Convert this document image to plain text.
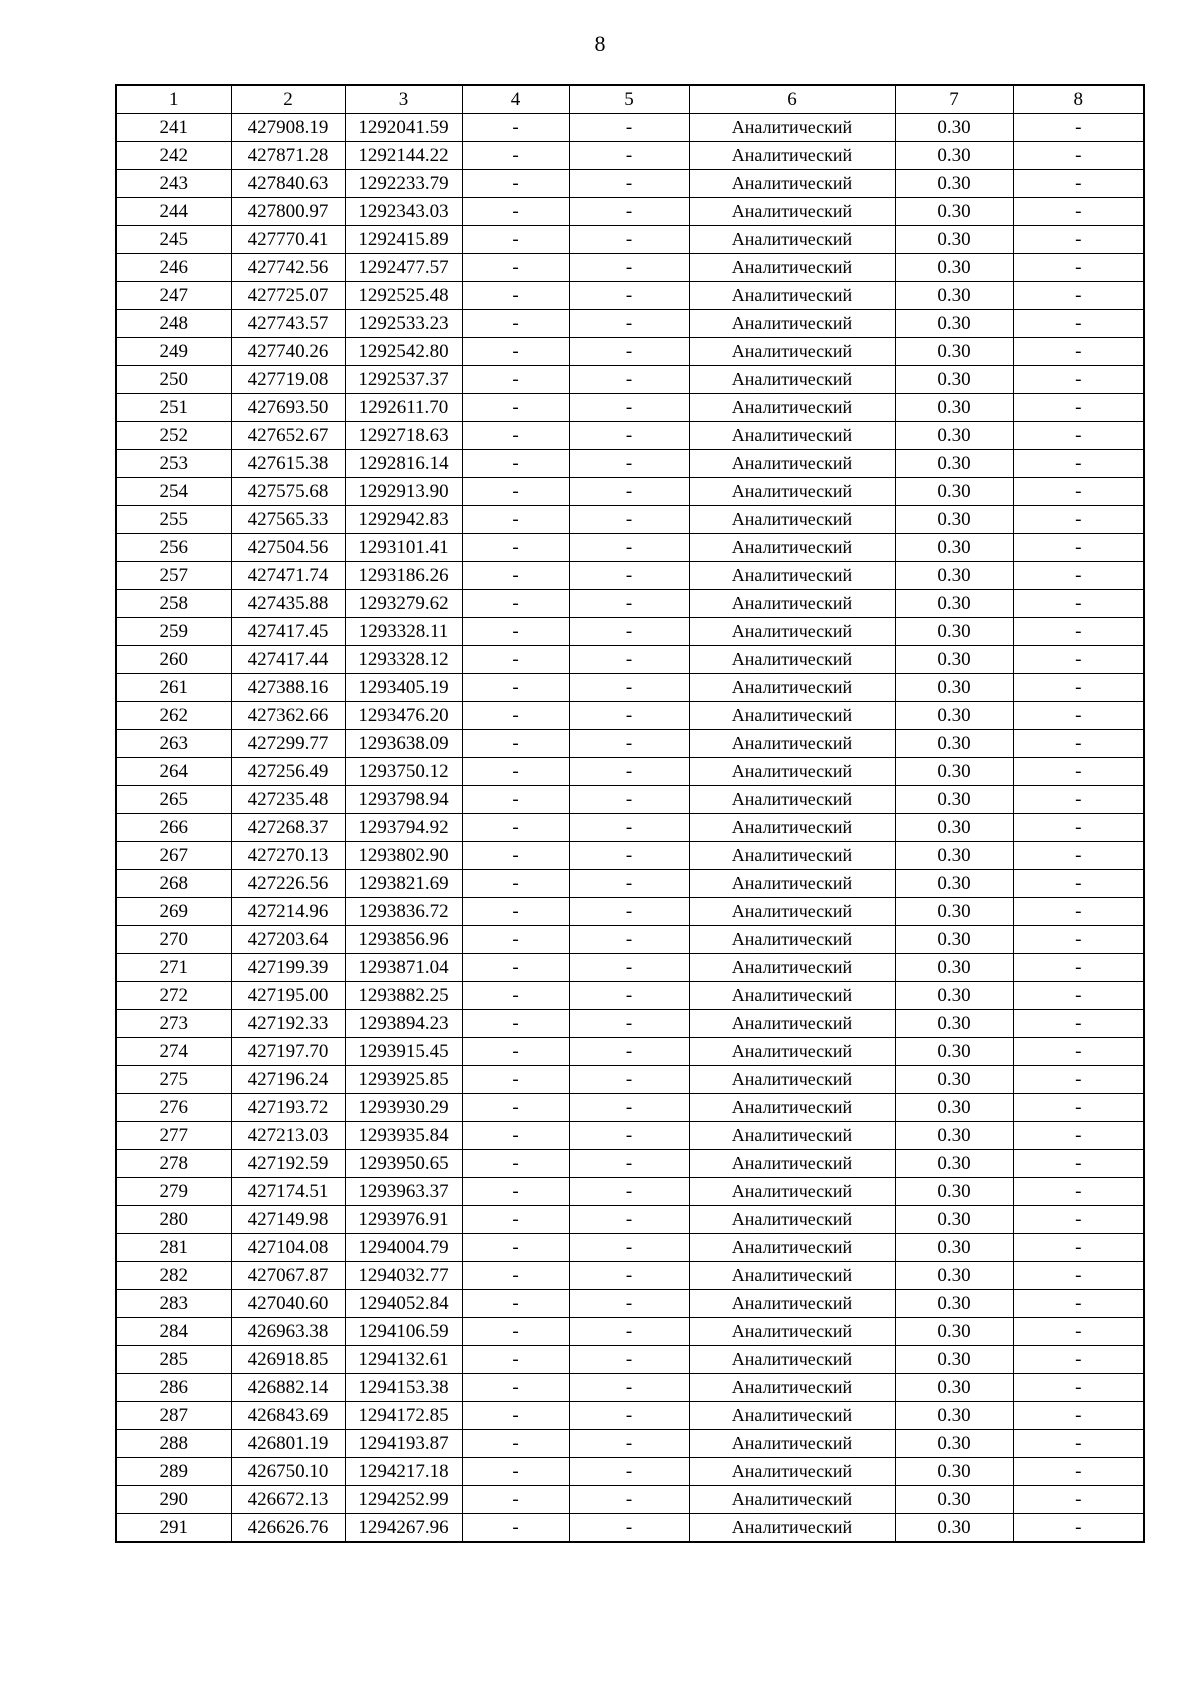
8
1	2	3	4	5	6	7	8
241	427908.19	1292041.59	-	-	Аналитический	0.30	-
242	427871.28	1292144.22	-	-	Аналитический	0.30	-
243	427840.63	1292233.79	-	-	Аналитический	0.30	-
244	427800.97	1292343.03	-	-	Аналитический	0.30	-
245	427770.41	1292415.89	-	-	Аналитический	0.30	-
246	427742.56	1292477.57	-	-	Аналитический	0.30	-
247	427725.07	1292525.48	-	-	Аналитический	0.30	-
248	427743.57	1292533.23	-	-	Аналитический	0.30	-
249	427740.26	1292542.80	-	-	Аналитический	0.30	-
250	427719.08	1292537.37	-	-	Аналитический	0.30	-
251	427693.50	1292611.70	-	-	Аналитический	0.30	-
252	427652.67	1292718.63	-	-	Аналитический	0.30	-
253	427615.38	1292816.14	-	-	Аналитический	0.30	-
254	427575.68	1292913.90	-	-	Аналитический	0.30	-
255	427565.33	1292942.83	-	-	Аналитический	0.30	-
256	427504.56	1293101.41	-	-	Аналитический	0.30	-
257	427471.74	1293186.26	-	-	Аналитический	0.30	-
258	427435.88	1293279.62	-	-	Аналитический	0.30	-
259	427417.45	1293328.11	-	-	Аналитический	0.30	-
260	427417.44	1293328.12	-	-	Аналитический	0.30	-
261	427388.16	1293405.19	-	-	Аналитический	0.30	-
262	427362.66	1293476.20	-	-	Аналитический	0.30	-
263	427299.77	1293638.09	-	-	Аналитический	0.30	-
264	427256.49	1293750.12	-	-	Аналитический	0.30	-
265	427235.48	1293798.94	-	-	Аналитический	0.30	-
266	427268.37	1293794.92	-	-	Аналитический	0.30	-
267	427270.13	1293802.90	-	-	Аналитический	0.30	-
268	427226.56	1293821.69	-	-	Аналитический	0.30	-
269	427214.96	1293836.72	-	-	Аналитический	0.30	-
270	427203.64	1293856.96	-	-	Аналитический	0.30	-
271	427199.39	1293871.04	-	-	Аналитический	0.30	-
272	427195.00	1293882.25	-	-	Аналитический	0.30	-
273	427192.33	1293894.23	-	-	Аналитический	0.30	-
274	427197.70	1293915.45	-	-	Аналитический	0.30	-
275	427196.24	1293925.85	-	-	Аналитический	0.30	-
276	427193.72	1293930.29	-	-	Аналитический	0.30	-
277	427213.03	1293935.84	-	-	Аналитический	0.30	-
278	427192.59	1293950.65	-	-	Аналитический	0.30	-
279	427174.51	1293963.37	-	-	Аналитический	0.30	-
280	427149.98	1293976.91	-	-	Аналитический	0.30	-
281	427104.08	1294004.79	-	-	Аналитический	0.30	-
282	427067.87	1294032.77	-	-	Аналитический	0.30	-
283	427040.60	1294052.84	-	-	Аналитический	0.30	-
284	426963.38	1294106.59	-	-	Аналитический	0.30	-
285	426918.85	1294132.61	-	-	Аналитический	0.30	-
286	426882.14	1294153.38	-	-	Аналитический	0.30	-
287	426843.69	1294172.85	-	-	Аналитический	0.30	-
288	426801.19	1294193.87	-	-	Аналитический	0.30	-
289	426750.10	1294217.18	-	-	Аналитический	0.30	-
290	426672.13	1294252.99	-	-	Аналитический	0.30	-
291	426626.76	1294267.96	-	-	Аналитический	0.30	-
